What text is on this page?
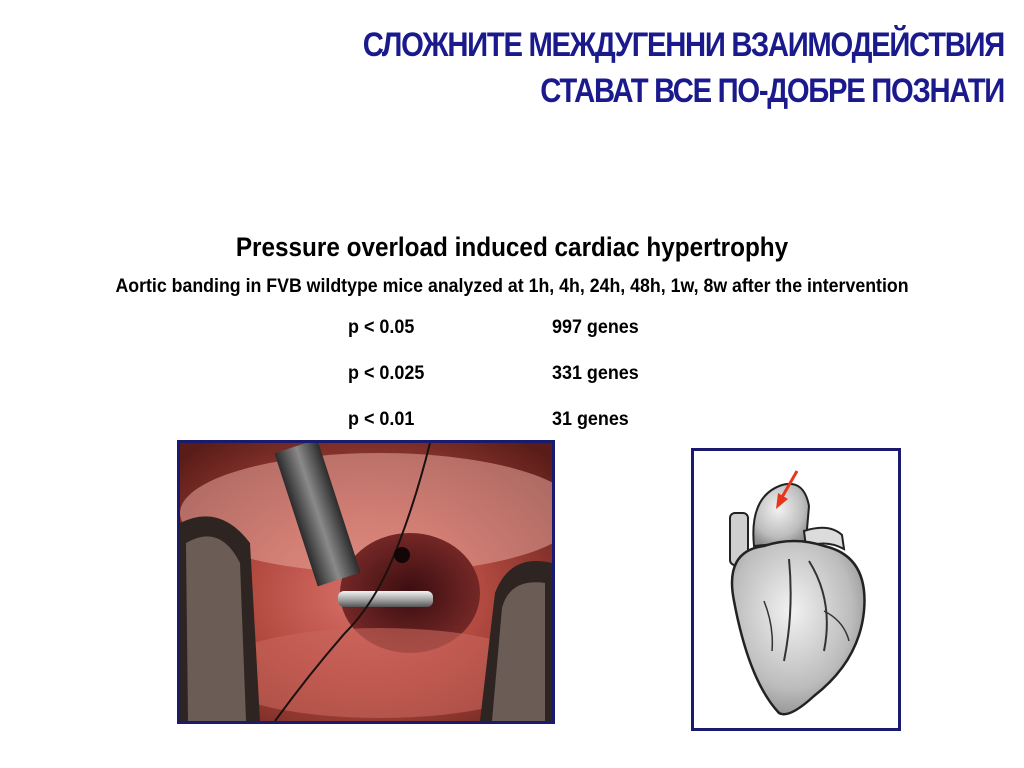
СЛОЖНИТЕ МЕЖДУГЕННИ ВЗАИМОДЕЙСТВИЯ
СТАВАТ ВСЕ ПО-ДОБРЕ ПОЗНАТИ
Pressure overload induced cardiac hypertrophy
Aortic banding in FVB wildtype mice analyzed at 1h, 4h, 24h, 48h, 1w, 8w after the intervention
p < 0.05	997 genes
p < 0.025	331 genes
p < 0.01	31 genes
